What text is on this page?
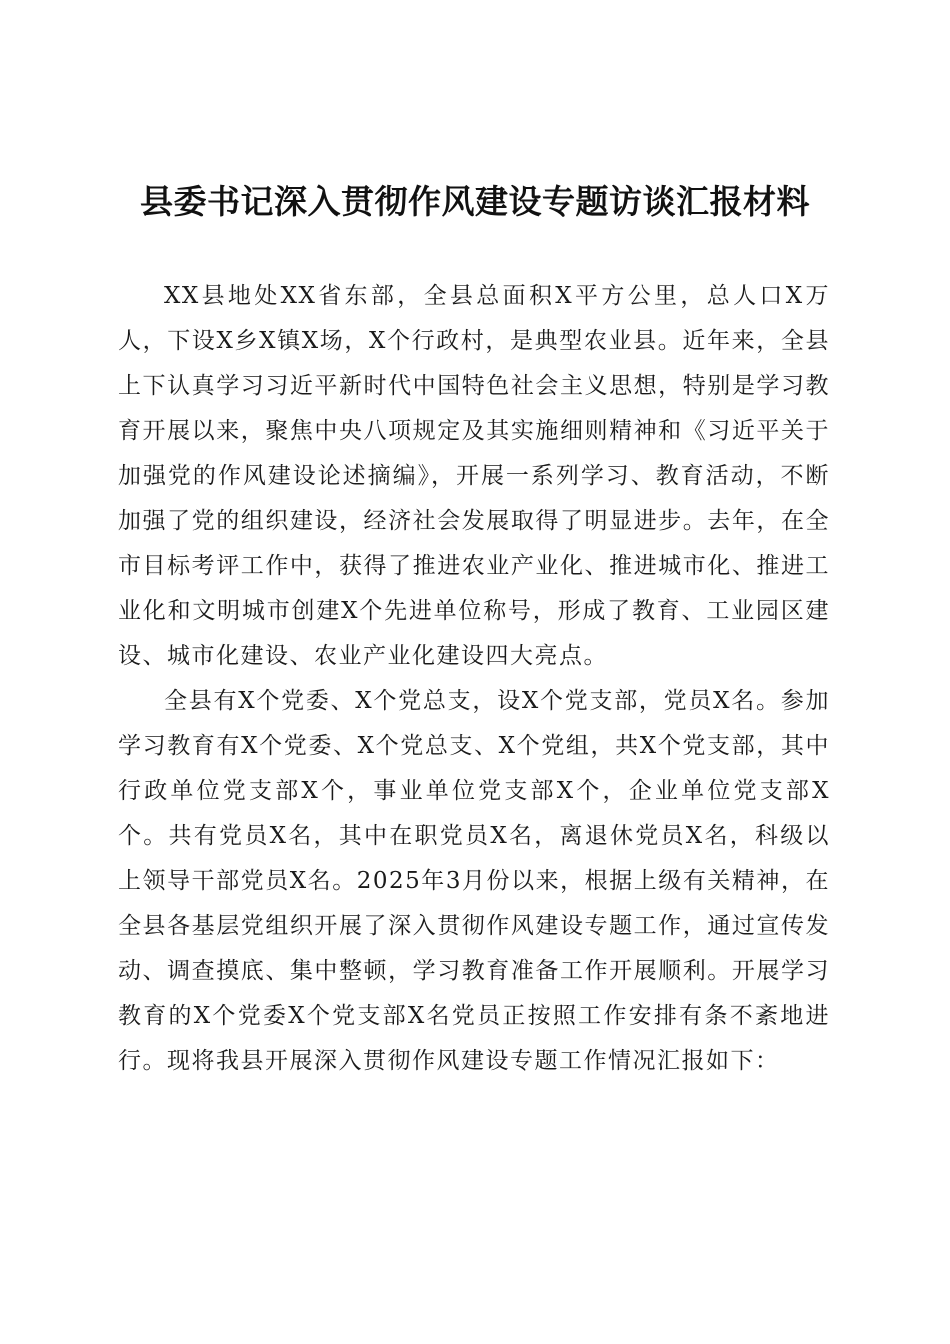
县委书记深入贯彻作风建设专题访谈汇报材料

XX县地处XX省东部，全县总面积X平方公里，总人口X万人，下设X乡X镇X场，X个行政村，是典型农业县。近年来，全县上下认真学习习近平新时代中国特色社会主义思想，特别是学习教育开展以来，聚焦中央八项规定及其实施细则精神和《习近平关于加强党的作风建设论述摘编》，开展一系列学习、教育活动，不断加强了党的组织建设，经济社会发展取得了明显进步。去年，在全市目标考评工作中，获得了推进农业产业化、推进城市化、推进工业化和文明城市创建X个先进单位称号，形成了教育、工业园区建设、城市化建设、农业产业化建设四大亮点。

全县有X个党委、X个党总支，设X个党支部，党员X名。参加学习教育有X个党委、X个党总支、X个党组，共X个党支部，其中行政单位党支部X个，事业单位党支部X个，企业单位党支部X个。共有党员X名，其中在职党员X名，离退休党员X名，科级以上领导干部党员X名。2025年3月份以来，根据上级有关精神，在全县各基层党组织开展了深入贯彻作风建设专题工作，通过宣传发动、调查摸底、集中整顿，学习教育准备工作开展顺利。开展学习教育的X个党委X个党支部X名党员正按照工作安排有条不紊地进行。现将我县开展深入贯彻作风建设专题工作情况汇报如下：
